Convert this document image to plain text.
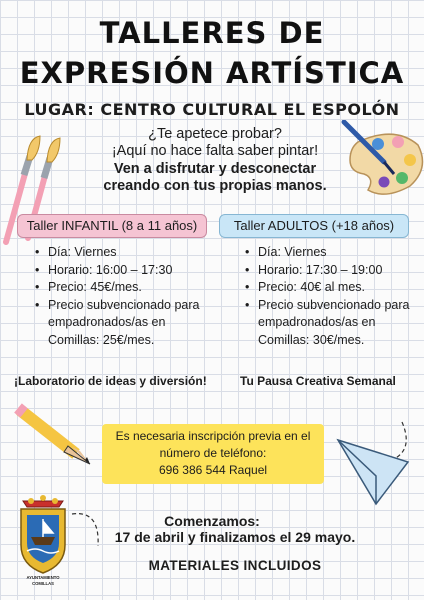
TALLERES DE
EXPRESIÓN ARTÍSTICA
LUGAR: CENTRO CULTURAL EL ESPOLÓN
¿Te apetece probar?
¡Aquí no hace falta saber pintar!
Ven a disfrutar y desconectar
creando con tus propias manos.
Taller INFANTIL (8 a 11 años)	Taller ADULTOS (+18 años)
• Día: Viernes
• Horario: 16:00 – 17:30
• Precio: 45€/mes.
• Precio subvencionado para empadronados/as en Comillas: 25€/mes.
• Día: Viernes
• Horario: 17:30 – 19:00
• Precio: 40€ al mes.
• Precio subvencionado para empadronados/as en Comillas: 30€/mes.
¡Laboratorio de ideas y diversión!	Tu Pausa Creativa Semanal
Es necesaria inscripción previa en el
número de teléfono:
696 386 544 Raquel
Comenzamos:
17 de abril y finalizamos el 29 mayo.
MATERIALES INCLUIDOS
AYUNTAMIENTO
COMILLAS
